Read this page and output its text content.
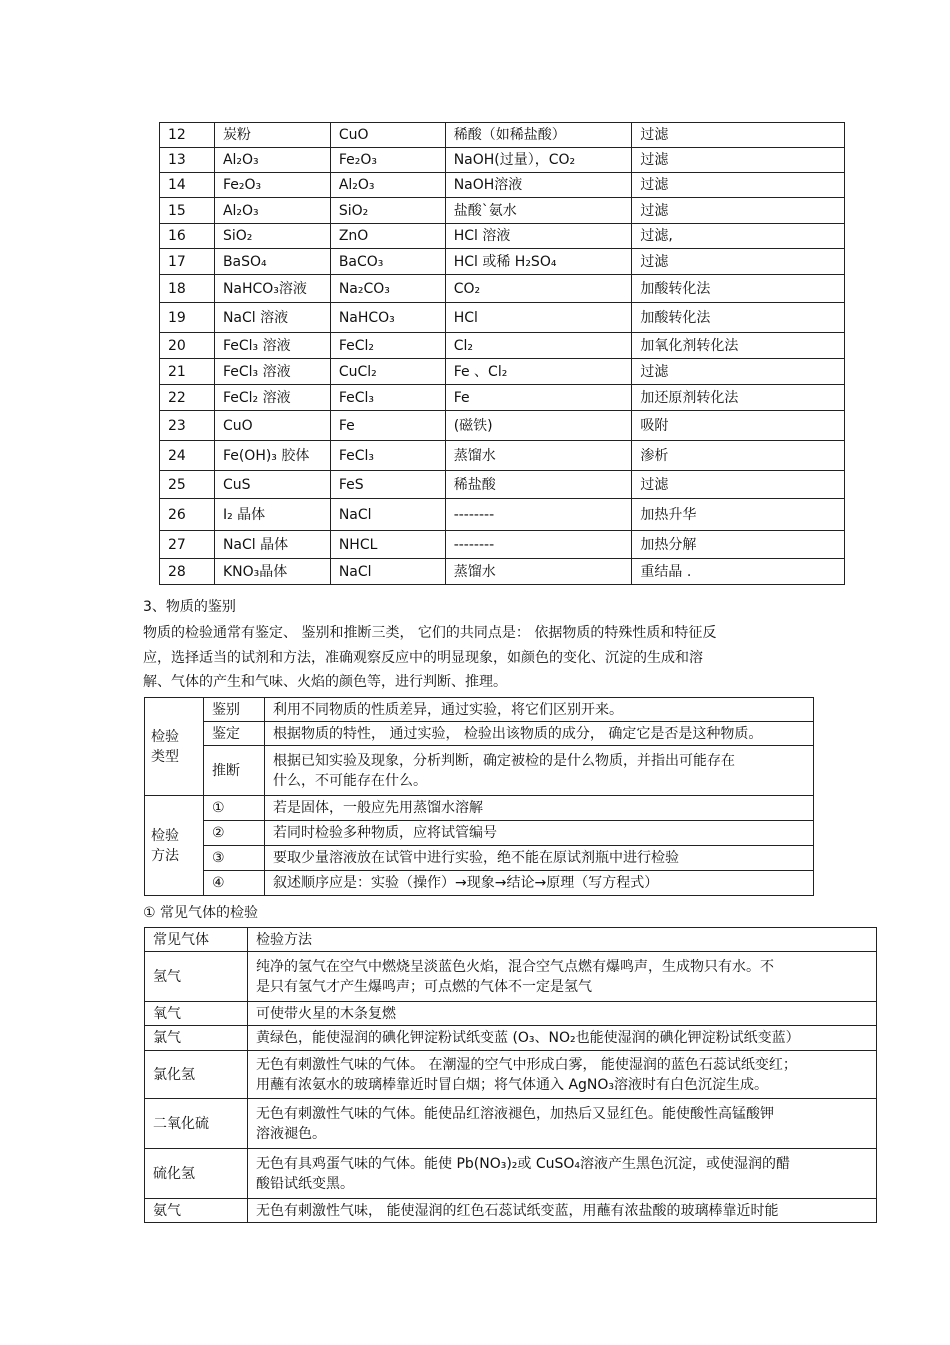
12	炭粉	CuO	稀酸（如稀盐酸）	过滤
13	Al₂O₃	Fe₂O₃	NaOH(过量），CO₂	过滤
14	Fe₂O₃	Al₂O₃	NaOH溶液	过滤
15	Al₂O₃	SiO₂	盐酸`氨水	过滤
16	SiO₂	ZnO	HCl 溶液	过滤,
17	BaSO₄	BaCO₃	HCl 或稀 H₂SO₄	过滤
18	NaHCO₃溶液	Na₂CO₃	CO₂	加酸转化法
19	NaCl 溶液	NaHCO₃	HCl	加酸转化法
20	FeCl₃ 溶液	FeCl₂	Cl₂	加氧化剂转化法
21	FeCl₃ 溶液	CuCl₂	Fe 、Cl₂	过滤
22	FeCl₂ 溶液	FeCl₃	Fe	加还原剂转化法
23	CuO	Fe	(磁铁)	吸附
24	Fe(OH)₃ 胶体	FeCl₃	蒸馏水	渗析
25	CuS	FeS	稀盐酸	过滤
26	I₂ 晶体	NaCl	--------	加热升华
27	NaCl 晶体	NHCL	--------	加热分解
28	KNO₃晶体	NaCl	蒸馏水	重结晶 .
3、物质的鉴别
物质的检验通常有鉴定、 鉴别和推断三类， 它们的共同点是： 依据物质的特殊性质和特征反
应，选择适当的试剂和方法，准确观察反应中的明显现象，如颜色的变化、沉淀的生成和溶
解、气体的产生和气味、火焰的颜色等，进行判断、推理。
检验
类型	鉴别	利用不同物质的性质差异，通过实验，将它们区别开来。
	鉴定	根据物质的特性， 通过实验， 检验出该物质的成分， 确定它是否是这种物质。
	推断	根据已知实验及现象，分析判断，确定被检的是什么物质，并指出可能存在
什么，不可能存在什么。

检验
方法	①	若是固体，一般应先用蒸馏水溶解
	②	若同时检验多种物质，应将试管编号
	③	要取少量溶液放在试管中进行实验，绝不能在原试剂瓶中进行检验
	④	叙述顺序应是：实验（操作）→现象→结论→原理（写方程式）
① 常见气体的检验
常见气体	检验方法
氢气	纯净的氢气在空气中燃烧呈淡蓝色火焰，混合空气点燃有爆鸣声，生成物只有水。不
是只有氢气才产生爆鸣声；可点燃的气体不一定是氢气

氧气	可使带火星的木条复燃

氯气	黄绿色，能使湿润的碘化钾淀粉试纸变蓝 (O₃、NO₂也能使湿润的碘化钾淀粉试纸变蓝）

氯化氢	无色有刺激性气味的气体。 在潮湿的空气中形成白雾， 能使湿润的蓝色石蕊试纸变红；
用蘸有浓氨水的玻璃棒靠近时冒白烟；将气体通入 AgNO₃溶液时有白色沉淀生成。

二氧化硫	无色有刺激性气味的气体。能使品红溶液褪色，加热后又显红色。能使酸性高锰酸钾
溶液褪色。

硫化氢	无色有具鸡蛋气味的气体。能使 Pb(NO₃)₂或 CuSO₄溶液产生黑色沉淀，或使湿润的醋
酸铅试纸变黑。

氨气	无色有刺激性气味， 能使湿润的红色石蕊试纸变蓝，用蘸有浓盐酸的玻璃棒靠近时能
